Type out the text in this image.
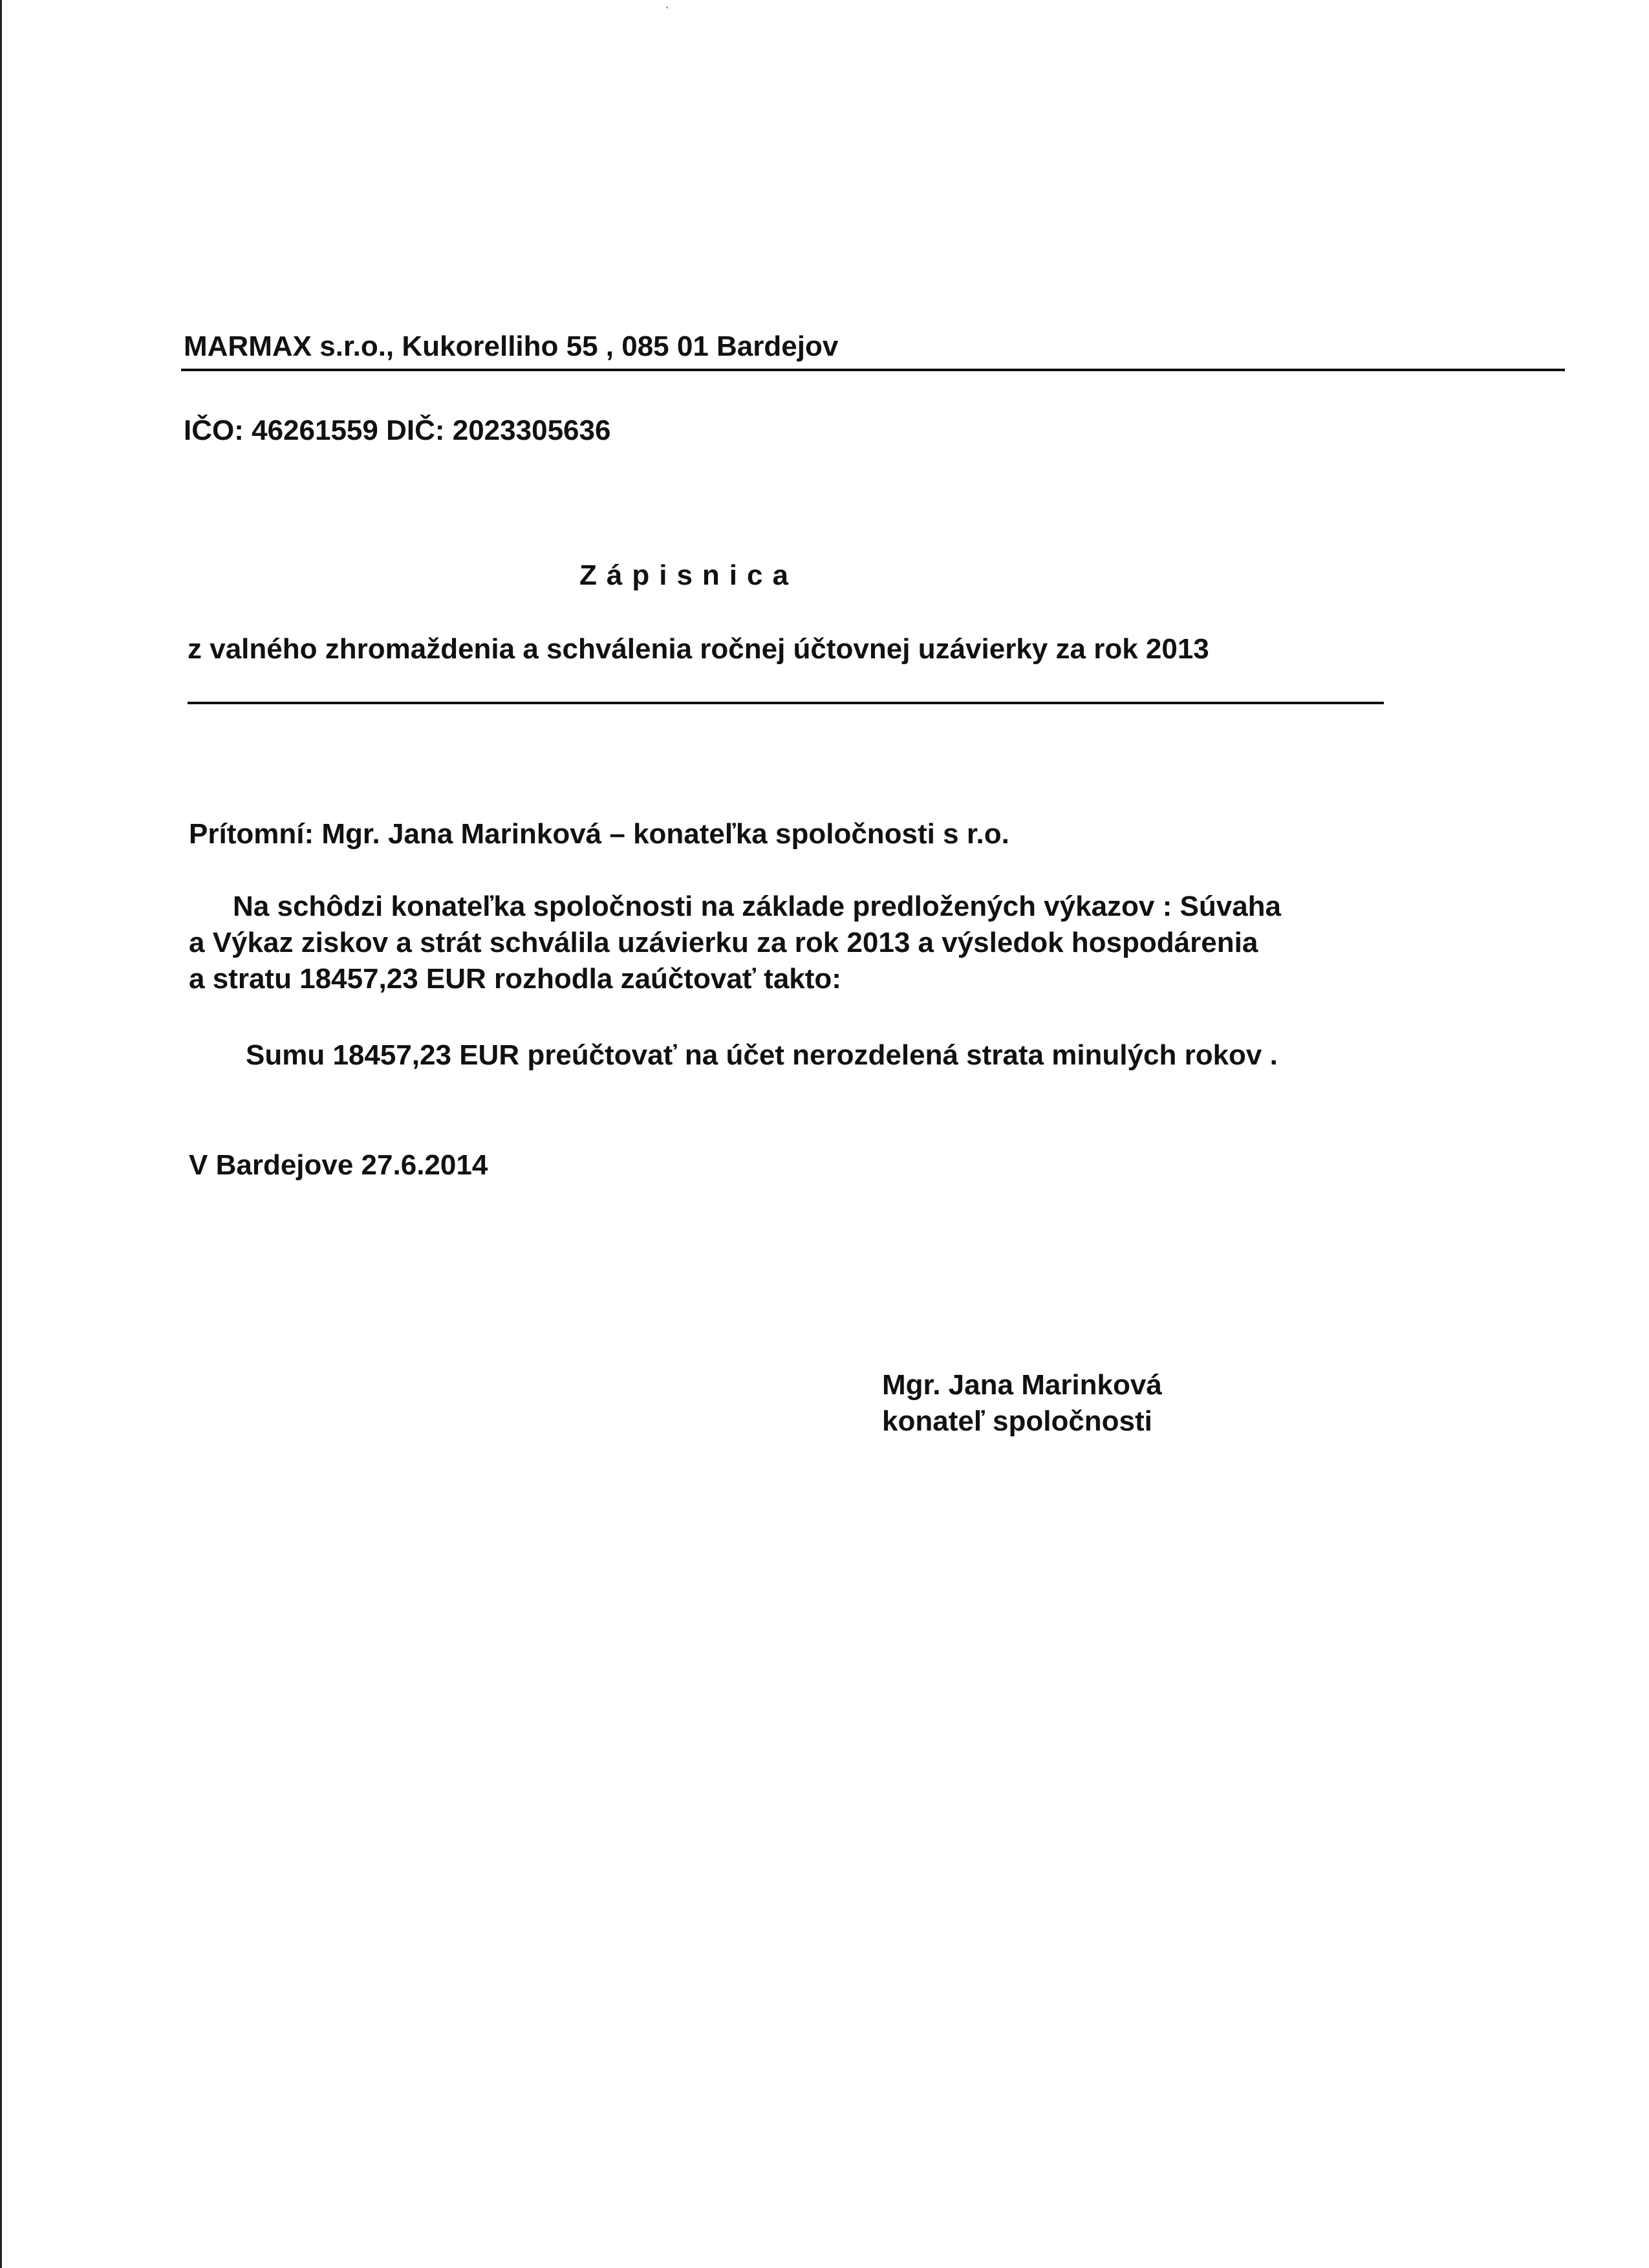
MARMAX s.r.o., Kukorelliho 55 , 085 01 Bardejov
IČO: 46261559 DIČ: 2023305636
Zápisnica
z valného zhromaždenia a schválenia ročnej účtovnej uzávierky za rok 2013
Prítomní: Mgr. Jana Marinková – konateľka spoločnosti s r.o.
Na schôdzi konateľka spoločnosti na základe predložených výkazov : Súvaha
a Výkaz ziskov a strát schválila uzávierku za rok 2013 a výsledok hospodárenia
a stratu 18457,23 EUR rozhodla zaúčtovať takto:
Sumu 18457,23 EUR preúčtovať na účet nerozdelená strata minulých rokov .
V Bardejove 27.6.2014
Mgr. Jana Marinková
konateľ spoločnosti
